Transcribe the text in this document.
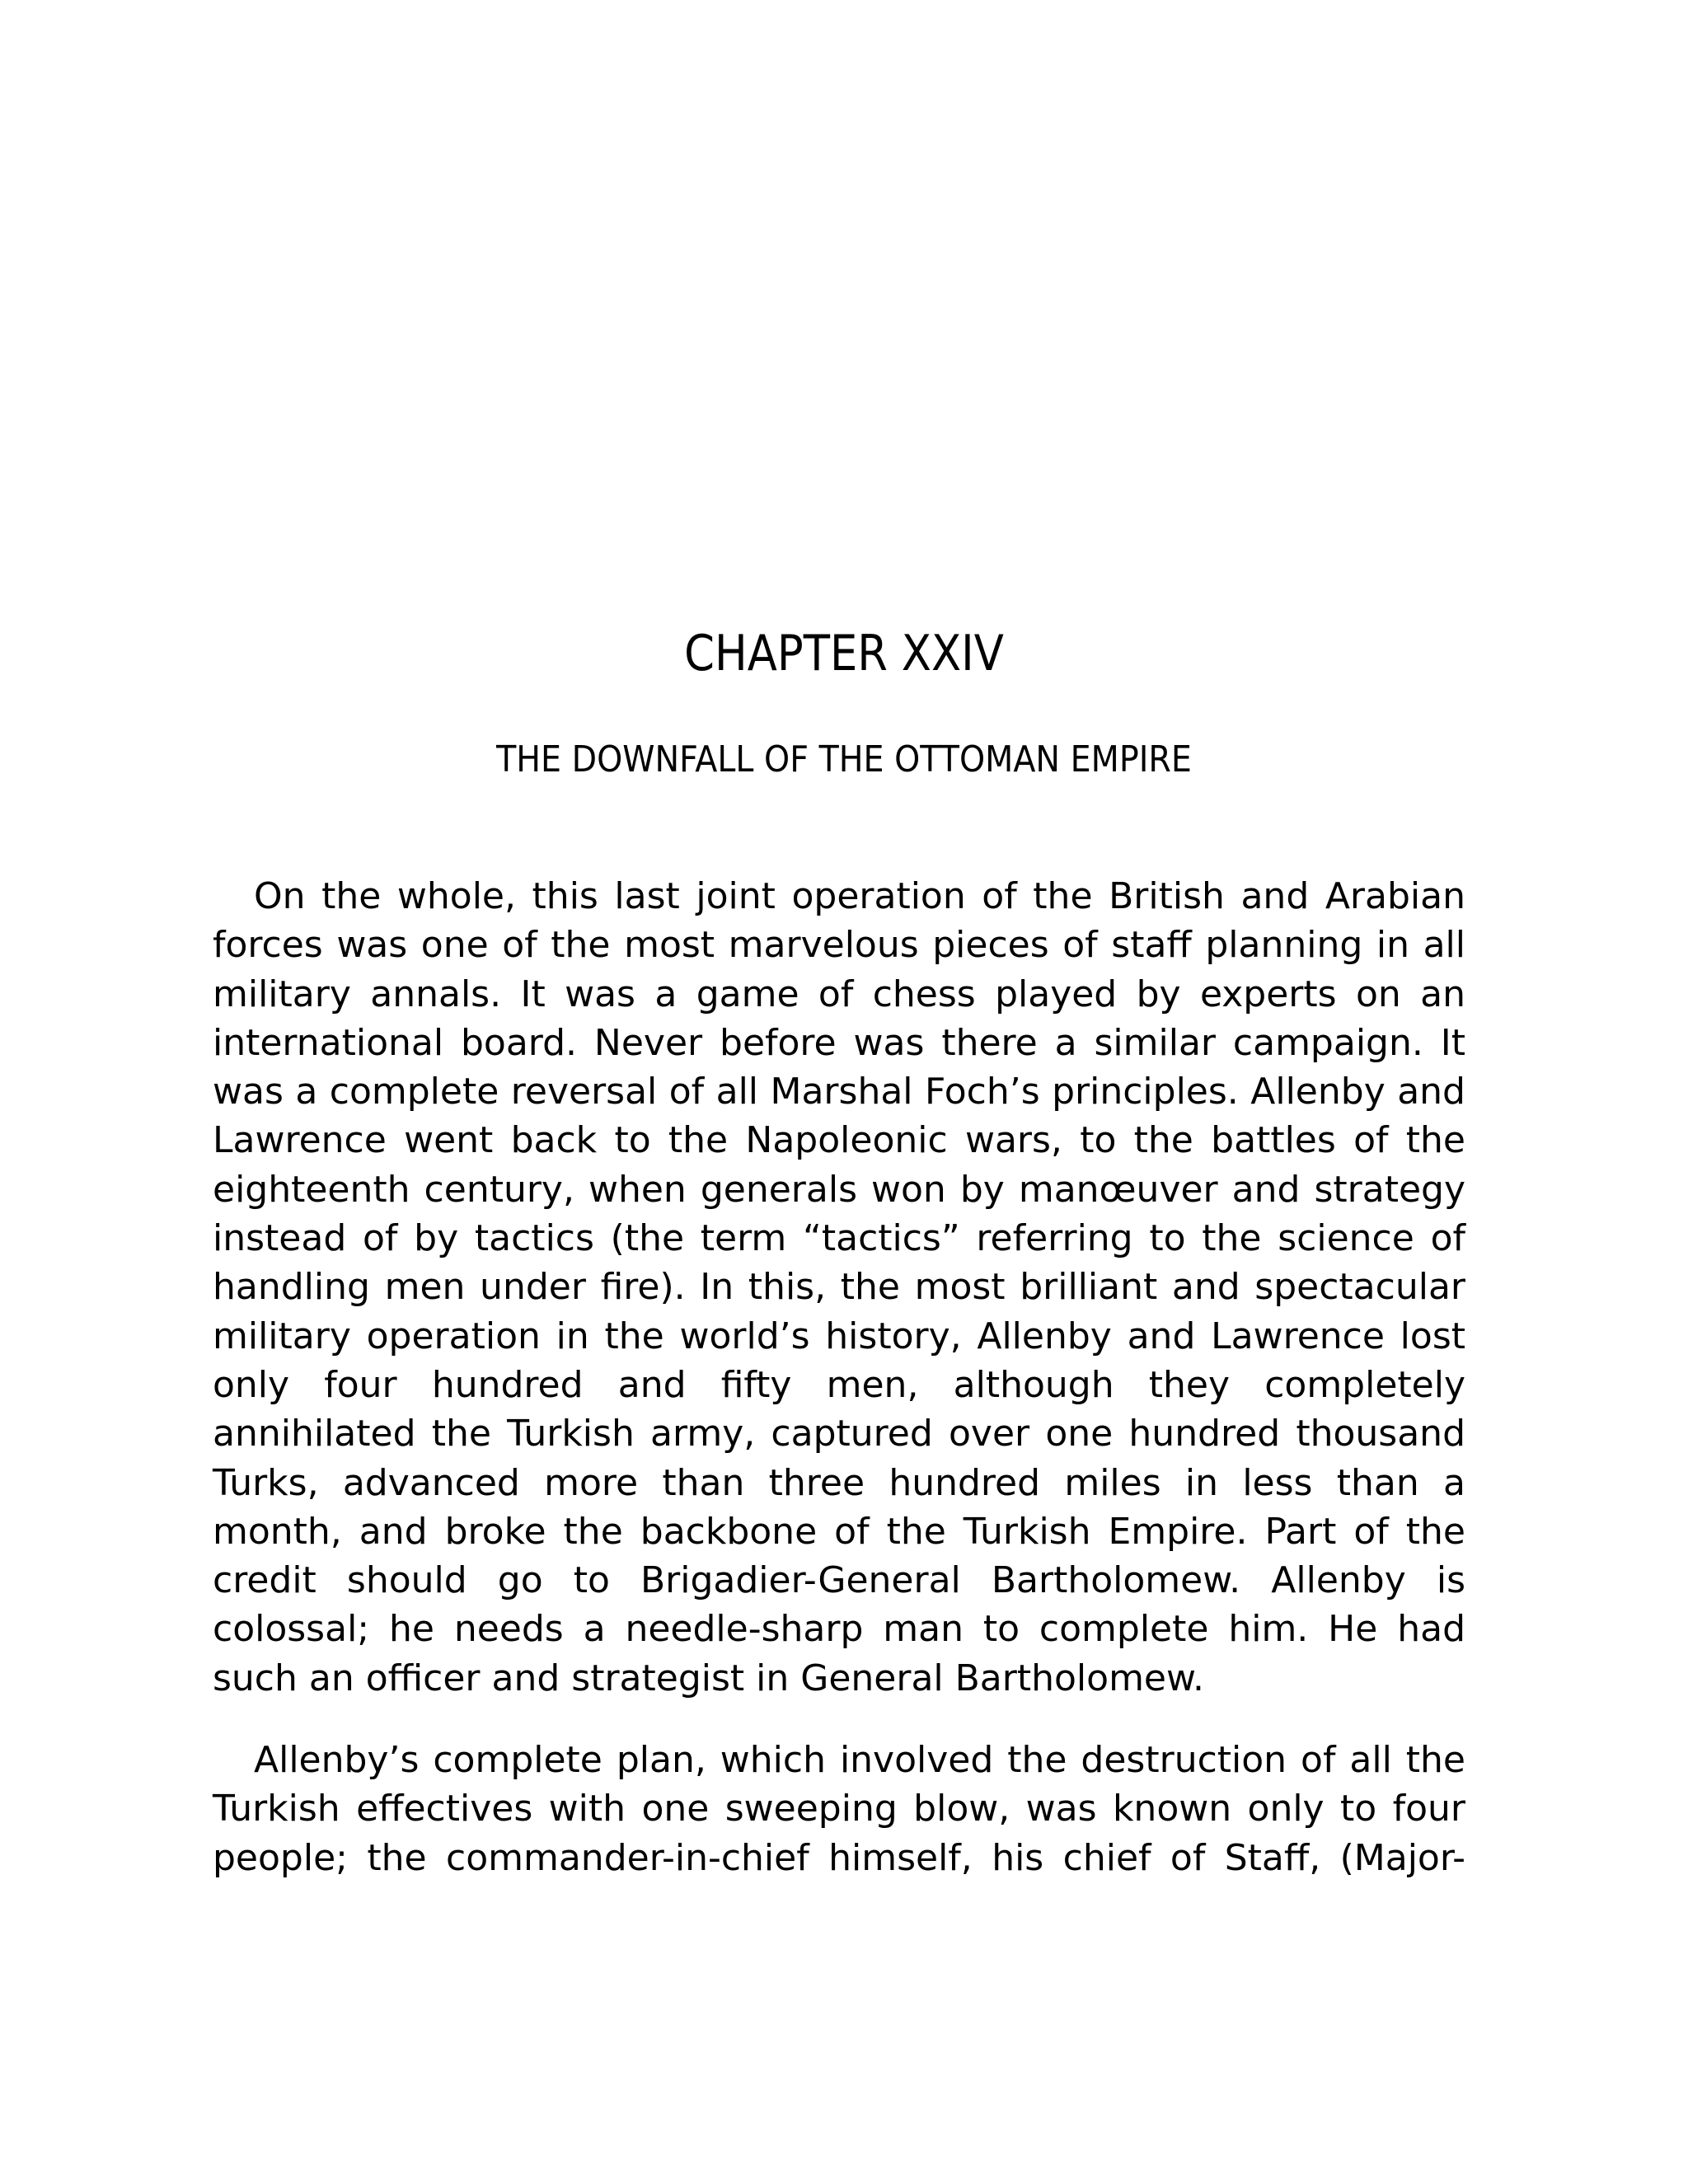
CHAPTER XXIV
THE DOWNFALL OF THE OTTOMAN EMPIRE
On the whole, this last joint operation of the British and Arabian
forces was one of the most marvelous pieces of staff planning in all
military annals. It was a game of chess played by experts on an
international board. Never before was there a similar campaign. It
was a complete reversal of all Marshal Foch’s principles. Allenby and
Lawrence went back to the Napoleonic wars, to the battles of the
eighteenth century, when generals won by manœuver and strategy
instead of by tactics (the term “tactics” referring to the science of
handling men under fire). In this, the most brilliant and spectacular
military operation in the world’s history, Allenby and Lawrence lost
only four hundred and fifty men, although they completely
annihilated the Turkish army, captured over one hundred thousand
Turks, advanced more than three hundred miles in less than a
month, and broke the backbone of the Turkish Empire. Part of the
credit should go to Brigadier-General Bartholomew. Allenby is
colossal; he needs a needle-sharp man to complete him. He had
such an officer and strategist in General Bartholomew.
Allenby’s complete plan, which involved the destruction of all the
Turkish effectives with one sweeping blow, was known only to four
people; the commander-in-chief himself, his chief of Staff, (Major-
